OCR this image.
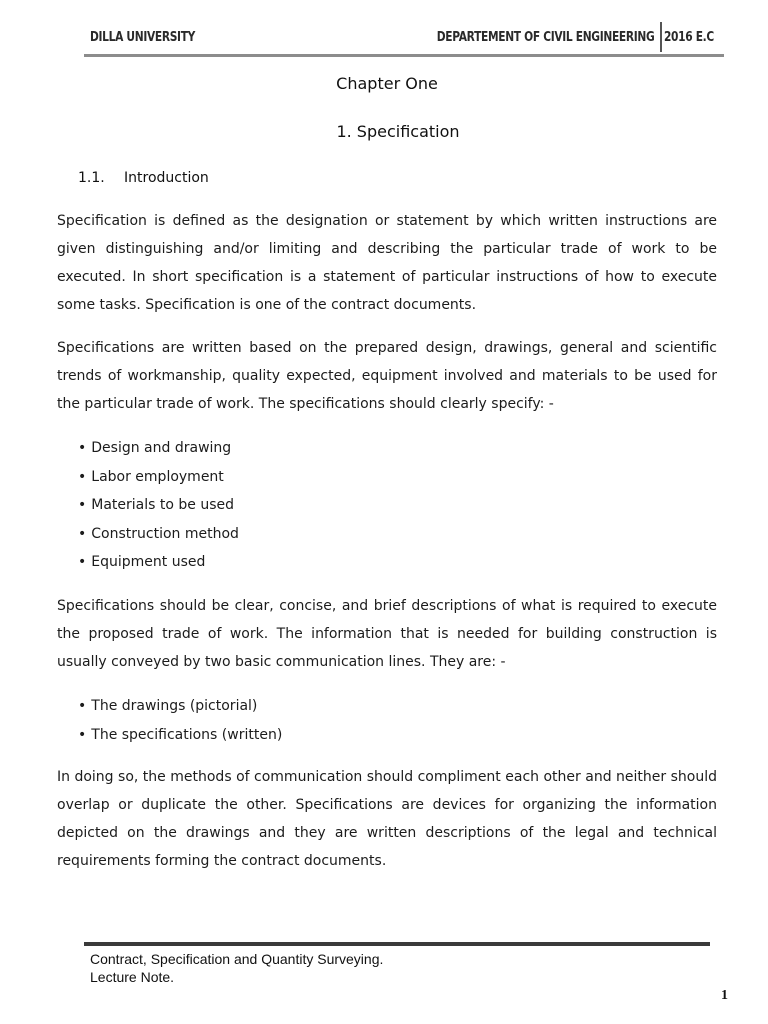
DILLA UNIVERSITY	DEPARTEMENT OF CIVIL ENGINEERING 2016 E.C
Chapter One
1. Specification
1.1. Introduction

Specification is defined as the designation or statement by which written instructions are given distinguishing and/or limiting and describing the particular trade of work to be executed. In short specification is a statement of particular instructions of how to execute some tasks. Specification is one of the contract documents.

Specifications are written based on the prepared design, drawings, general and scientific trends of workmanship, quality expected, equipment involved and materials to be used for the particular trade of work. The specifications should clearly specify: -

• Design and drawing
• Labor employment
• Materials to be used
• Construction method
• Equipment used

Specifications should be clear, concise, and brief descriptions of what is required to execute the proposed trade of work. The information that is needed for building construction is usually conveyed by two basic communication lines. They are: -

• The drawings (pictorial)
• The specifications (written)

In doing so, the methods of communication should compliment each other and neither should overlap or duplicate the other. Specifications are devices for organizing the information depicted on the drawings and they are written descriptions of the legal and technical requirements forming the contract documents.

Contract, Specification and Quantity Surveying.
Lecture Note.
1
